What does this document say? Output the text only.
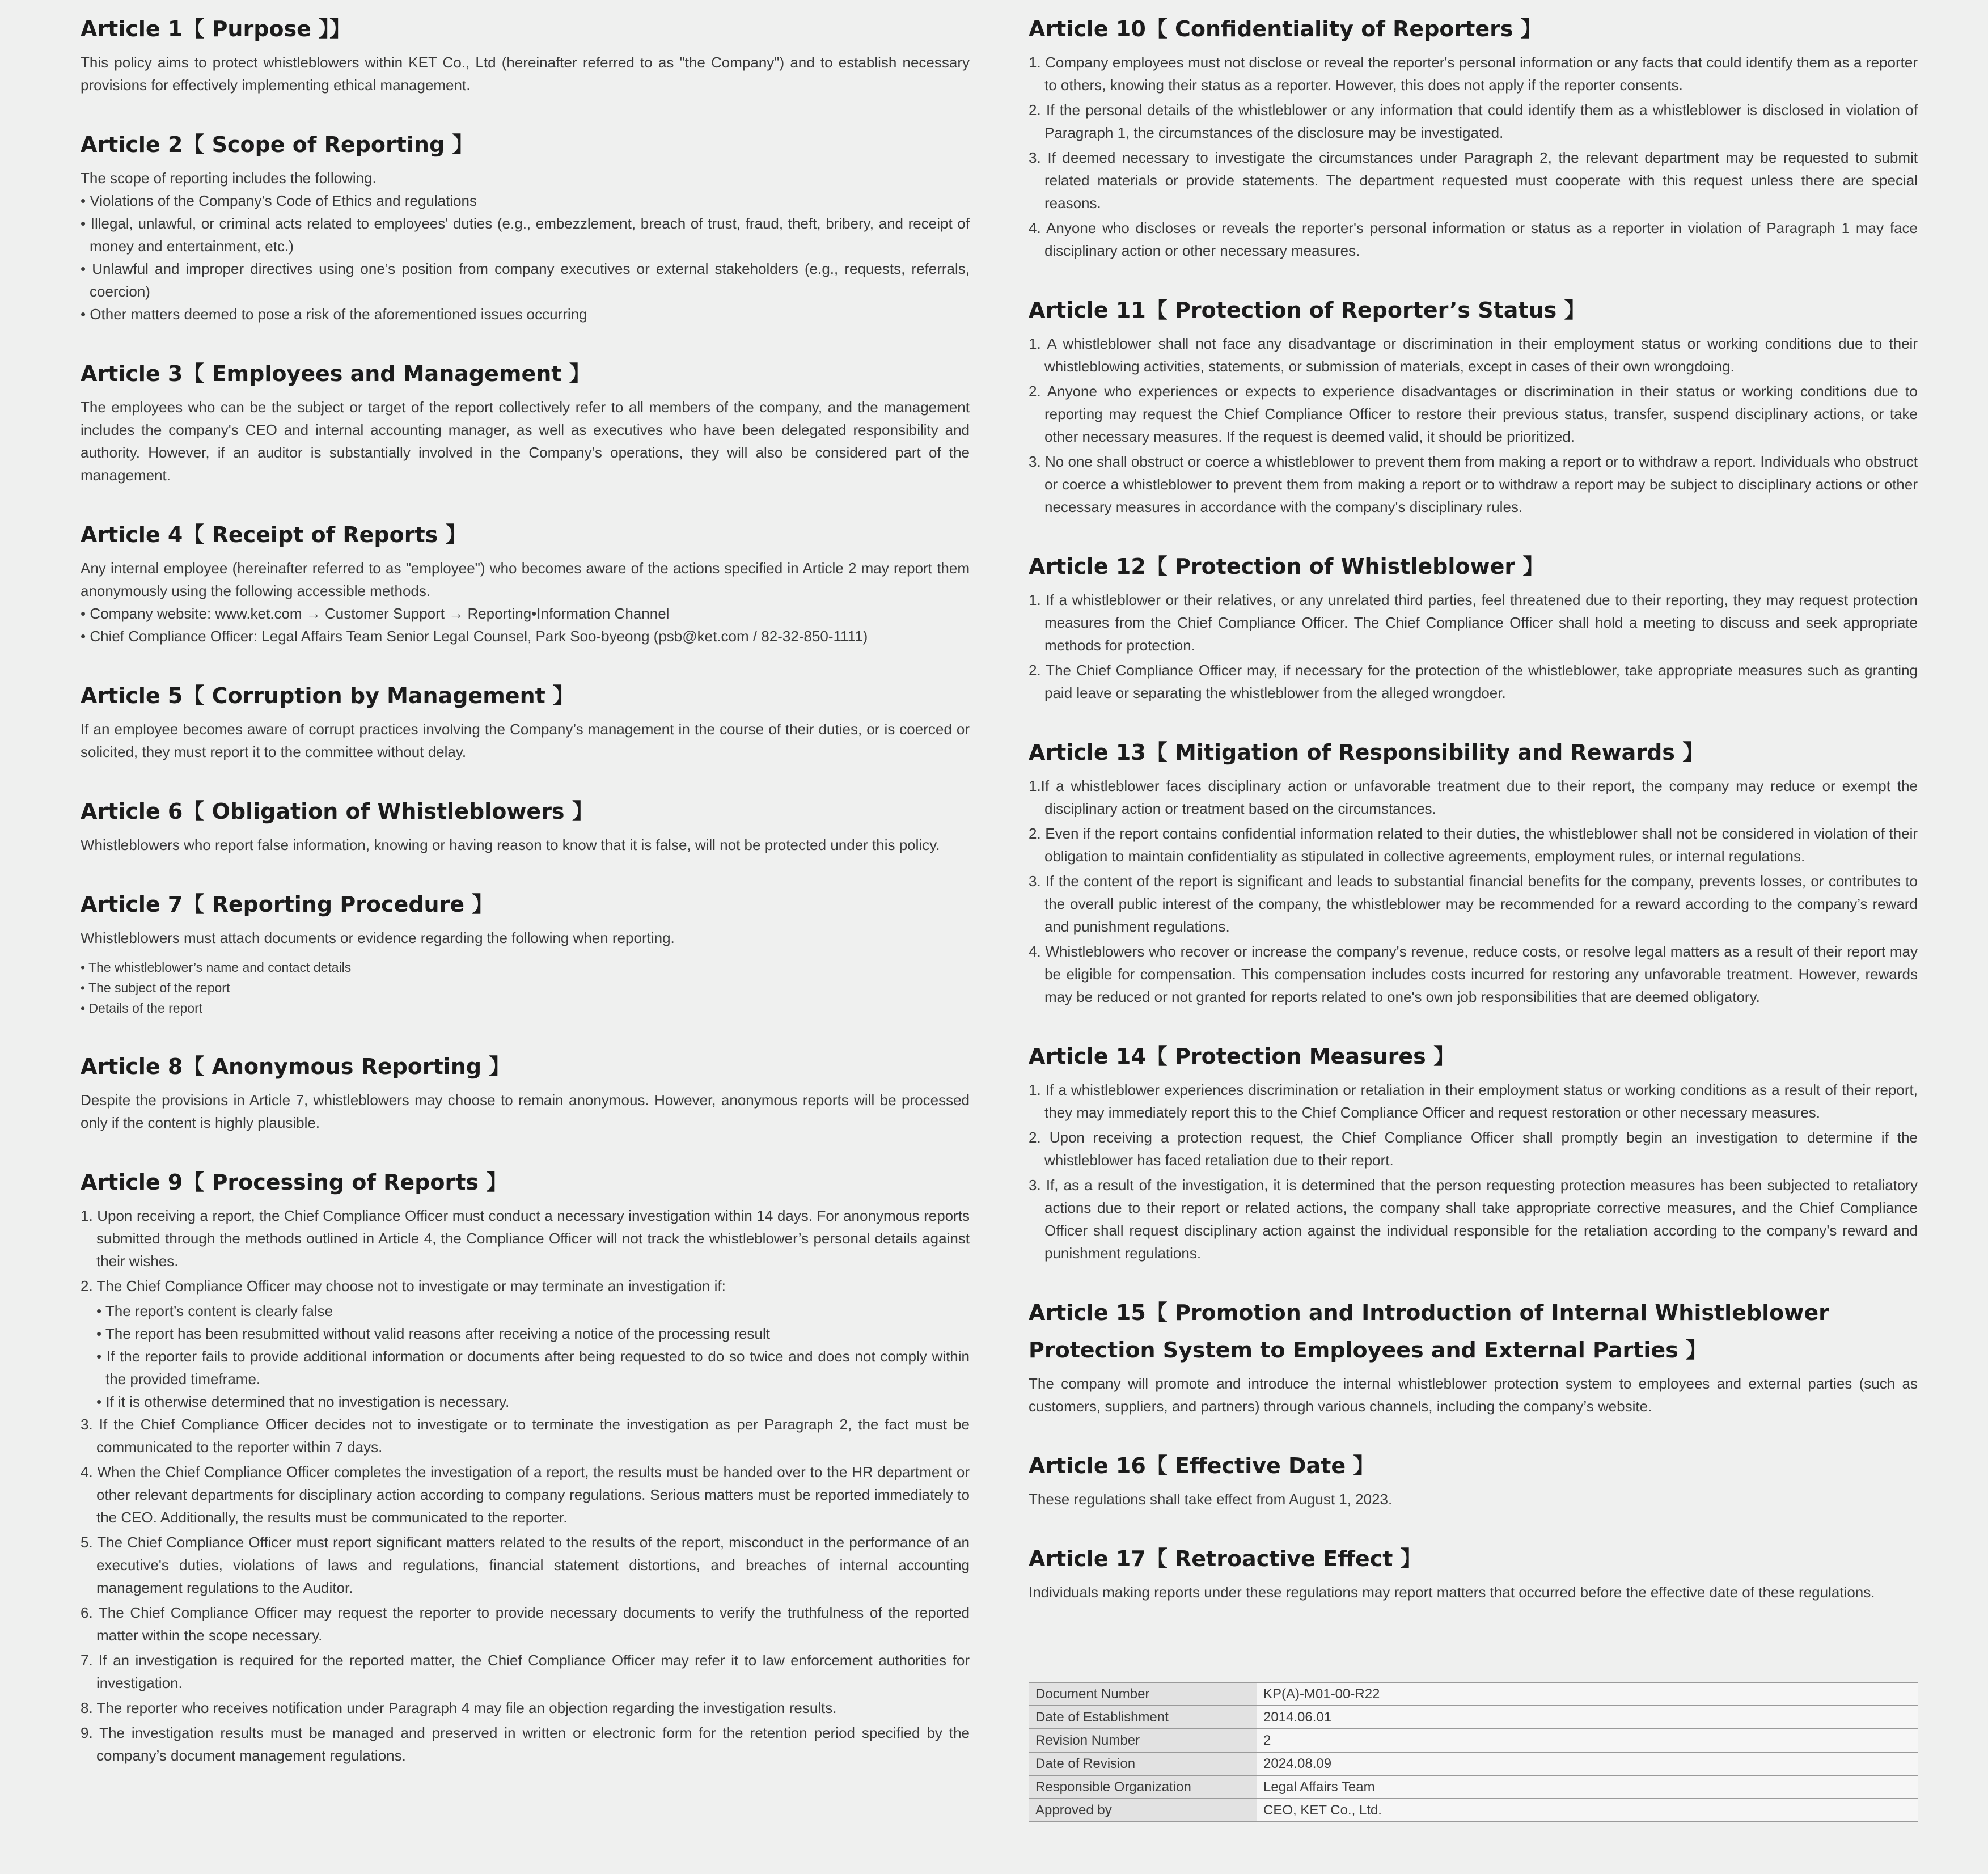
Article 1【 Purpose 】】

This policy aims to protect whistleblowers within KET Co., Ltd (hereinafter referred to as "the Company") and to establish necessary provisions for effectively implementing ethical management.

Article 2【 Scope of Reporting 】

The scope of reporting includes the following.

• Violations of the Company’s Code of Ethics and regulations

• Illegal, unlawful, or criminal acts related to employees' duties (e.g., embezzlement, breach of trust, fraud, theft, bribery, and receipt of money and entertainment, etc.)

• Unlawful and improper directives using one’s position from company executives or external stakeholders (e.g., requests, referrals, coercion)

• Other matters deemed to pose a risk of the aforementioned issues occurring

Article 3【 Employees and Management 】

The employees who can be the subject or target of the report collectively refer to all members of the company, and the management includes the company's CEO and internal accounting manager, as well as executives who have been delegated responsibility and authority. However, if an auditor is substantially involved in the Company’s operations, they will also be considered part of the management.

Article 4【 Receipt of Reports 】

Any internal employee (hereinafter referred to as "employee") who becomes aware of the actions specified in Article 2 may report them anonymously using the following accessible methods.

• Company website: www.ket.com → Customer Support → Reporting•Information Channel

• Chief Compliance Officer: Legal Affairs Team Senior Legal Counsel, Park Soo-byeong (psb@ket.com / 82-32-850-1111)

Article 5【 Corruption by Management 】

If an employee becomes aware of corrupt practices involving the Company’s management in the course of their duties, or is coerced or solicited, they must report it to the committee without delay.

Article 6【 Obligation of Whistleblowers 】

Whistleblowers who report false information, knowing or having reason to know that it is false, will not be protected under this policy.

Article 7【 Reporting Procedure 】

Whistleblowers must attach documents or evidence regarding the following when reporting.

• The whistleblower’s name and contact details

• The subject of the report

• Details of the report

Article 8【 Anonymous Reporting 】

Despite the provisions in Article 7, whistleblowers may choose to remain anonymous. However, anonymous reports will be processed only if the content is highly plausible.

Article 9【 Processing of Reports 】
1. Upon receiving a report, the Chief Compliance Officer must conduct a necessary investigation within 14 days. For anonymous reports submitted through the methods outlined in Article 4, the Compliance Officer will not track the whistleblower’s personal details against their wishes.
2. The Chief Compliance Officer may choose not to investigate or may terminate an investigation if:

• The report’s content is clearly false

• The report has been resubmitted without valid reasons after receiving a notice of the processing result

• If the reporter fails to provide additional information or documents after being requested to do so twice and does not comply within the provided timeframe.

• If it is otherwise determined that no investigation is necessary.

3. If the Chief Compliance Officer decides not to investigate or to terminate the investigation as per Paragraph 2, the fact must be communicated to the reporter within 7 days.
4. When the Chief Compliance Officer completes the investigation of a report, the results must be handed over to the HR department or other relevant departments for disciplinary action according to company regulations. Serious matters must be reported immediately to the CEO. Additionally, the results must be communicated to the reporter.
5. The Chief Compliance Officer must report significant matters related to the results of the report, misconduct in the performance of an executive's duties, violations of laws and regulations, financial statement distortions, and breaches of internal accounting management regulations to the Auditor.
6. The Chief Compliance Officer may request the reporter to provide necessary documents to verify the truthfulness of the reported matter within the scope necessary.
7. If an investigation is required for the reported matter, the Chief Compliance Officer may refer it to law enforcement authorities for investigation.
8. The reporter who receives notification under Paragraph 4 may file an objection regarding the investigation results.
9. The investigation results must be managed and preserved in written or electronic form for the retention period specified by the company’s document management regulations.
Article 10【 Confidentiality of Reporters 】
1. Company employees must not disclose or reveal the reporter's personal information or any facts that could identify them as a reporter to others, knowing their status as a reporter. However, this does not apply if the reporter consents.
2. If the personal details of the whistleblower or any information that could identify them as a whistleblower is disclosed in violation of Paragraph 1, the circumstances of the disclosure may be investigated.
3. If deemed necessary to investigate the circumstances under Paragraph 2, the relevant department may be requested to submit related materials or provide statements. The department requested must cooperate with this request unless there are special reasons.
4. Anyone who discloses or reveals the reporter's personal information or status as a reporter in violation of Paragraph 1 may face disciplinary action or other necessary measures.
Article 11【 Protection of Reporter’s Status 】
1. A whistleblower shall not face any disadvantage or discrimination in their employment status or working conditions due to their whistleblowing activities, statements, or submission of materials, except in cases of their own wrongdoing.
2. Anyone who experiences or expects to experience disadvantages or discrimination in their status or working conditions due to reporting may request the Chief Compliance Officer to restore their previous status, transfer, suspend disciplinary actions, or take other necessary measures. If the request is deemed valid, it should be prioritized.
3. No one shall obstruct or coerce a whistleblower to prevent them from making a report or to withdraw a report. Individuals who obstruct or coerce a whistleblower to prevent them from making a report or to withdraw a report may be subject to disciplinary actions or other necessary measures in accordance with the company's disciplinary rules.
Article 12【 Protection of Whistleblower 】
1. If a whistleblower or their relatives, or any unrelated third parties, feel threatened due to their reporting, they may request protection measures from the Chief Compliance Officer. The Chief Compliance Officer shall hold a meeting to discuss and seek appropriate methods for protection.
2. The Chief Compliance Officer may, if necessary for the protection of the whistleblower, take appropriate measures such as granting paid leave or separating the whistleblower from the alleged wrongdoer.
Article 13【 Mitigation of Responsibility and Rewards 】
1.If a whistleblower faces disciplinary action or unfavorable treatment due to their report, the company may reduce or exempt the disciplinary action or treatment based on the circumstances.
2. Even if the report contains confidential information related to their duties, the whistleblower shall not be considered in violation of their obligation to maintain confidentiality as stipulated in collective agreements, employment rules, or internal regulations.
3. If the content of the report is significant and leads to substantial financial benefits for the company, prevents losses, or contributes to the overall public interest of the company, the whistleblower may be recommended for a reward according to the company’s reward and punishment regulations.
4. Whistleblowers who recover or increase the company's revenue, reduce costs, or resolve legal matters as a result of their report may be eligible for compensation. This compensation includes costs incurred for restoring any unfavorable treatment. However, rewards may be reduced or not granted for reports related to one's own job responsibilities that are deemed obligatory.
Article 14【 Protection Measures 】
1. If a whistleblower experiences discrimination or retaliation in their employment status or working conditions as a result of their report, they may immediately report this to the Chief Compliance Officer and request restoration or other necessary measures.
2. Upon receiving a protection request, the Chief Compliance Officer shall promptly begin an investigation to determine if the whistleblower has faced retaliation due to their report.
3. If, as a result of the investigation, it is determined that the person requesting protection measures has been subjected to retaliatory actions due to their report or related actions, the company shall take appropriate corrective measures, and the Chief Compliance Officer shall request disciplinary action against the individual responsible for the retaliation according to the company's reward and punishment regulations.
Article 15【 Promotion and Introduction of Internal Whistleblower Protection System to Employees and External Parties 】

The company will promote and introduce the internal whistleblower protection system to employees and external parties (such as customers, suppliers, and partners) through various channels, including the company’s website.

Article 16【 Effective Date 】

These regulations shall take effect from August 1, 2023.

Article 17【 Retroactive Effect 】

Individuals making reports under these regulations may report matters that occurred before the effective date of these regulations.

Document Number	KP(A)-M01-00-R22
Date of Establishment	2014.06.01
Revision Number	2
Date of Revision	2024.08.09
Responsible Organization	Legal Affairs Team
Approved by	CEO, KET Co., Ltd.
